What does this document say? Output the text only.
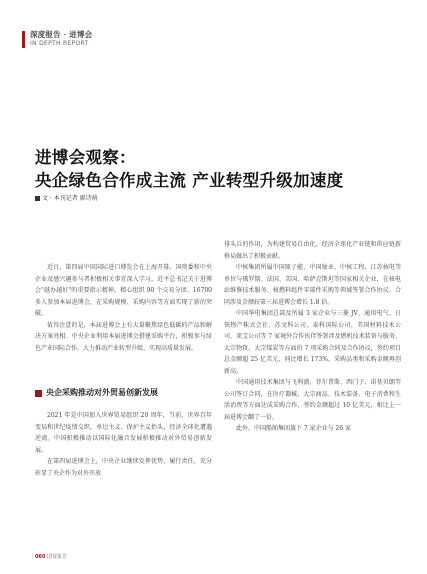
深度报告 · 进博会
IN DEPTH REPORT
进博会观察：
央企绿色合作成主流 产业转型升级加速度
文 · 本刊记者 廖诗萌

近日，第四届中国国际进口博览会在上海开幕。国资委和中央企业及感兴趣参与者积极相关事宜深入学习，近平总书记关于进博会"越办越好"的重要指示精神，精心组织 90 个交易分团、16700 多人参加本届进博会，在采购规模、采购内容等方面实现了新的突破。

值得注意的是，本届进博会上有大量聚焦绿色低碳的产品和解决方案亮相。中央企业利用本届进博会搭建采购平台，积极参与绿色产业国际合作，大力推动产业转型升级、实现高质量发展。

央企采购推动对外贸易创新发展

2021 年是中国加入世界贸易组织 20 周年，当前，世界百年变局和世纪疫情交织，单边主义、保护主义抬头，经济全球化遭遇逆流。中国积极推动以国际化融合发展积极推动对外贸易创新发展。

在第四届进博会上，中央企业继续发挥优势、履行责任，充分彰显了央企作为对外开放

排头兵的作用，为构建贸易自由化、经济全球化产业链和供应链新格局做出了积极贡献。

中核集团所属中国原子能、中国铀业、中核工程、江苏核电等单位与俄罗斯、法国、美国、哈萨克斯坦等国家相关企业，在核电站维修技术服务、核燃料组件零部件采购等领域签署合作协议，合同涉及金额较第三届进博会增长 1.8 倍。

中国华电集团总部及所属 3 家企业与三菱 JV、通用电气、日铁物产株式会社、苏文科公司、泰科国际公司、美国材料技术公司、来宝公司等 7 家境外合作伙伴签署涉及燃机技术装备与服务、大宗物资、大宗煤炭等方面的 7 项采购合同及合作协议，签约项目总金额超 25 亿美元，同比增长 173%，采购品类和采购金额再创新高。

中国通用技术集团与飞利浦、菲尔普斯、西门子、诺基贝朗等公司签订合同，在医疗器械、大宗商品、技术装备、电子消费和生活消费等方面达成采购合作，签约金额超过 10 亿美元，相比上一届进博会翻了一倍。

此外，中国船舶集团旗下 7 家企业与 26 家

060 国资报告
